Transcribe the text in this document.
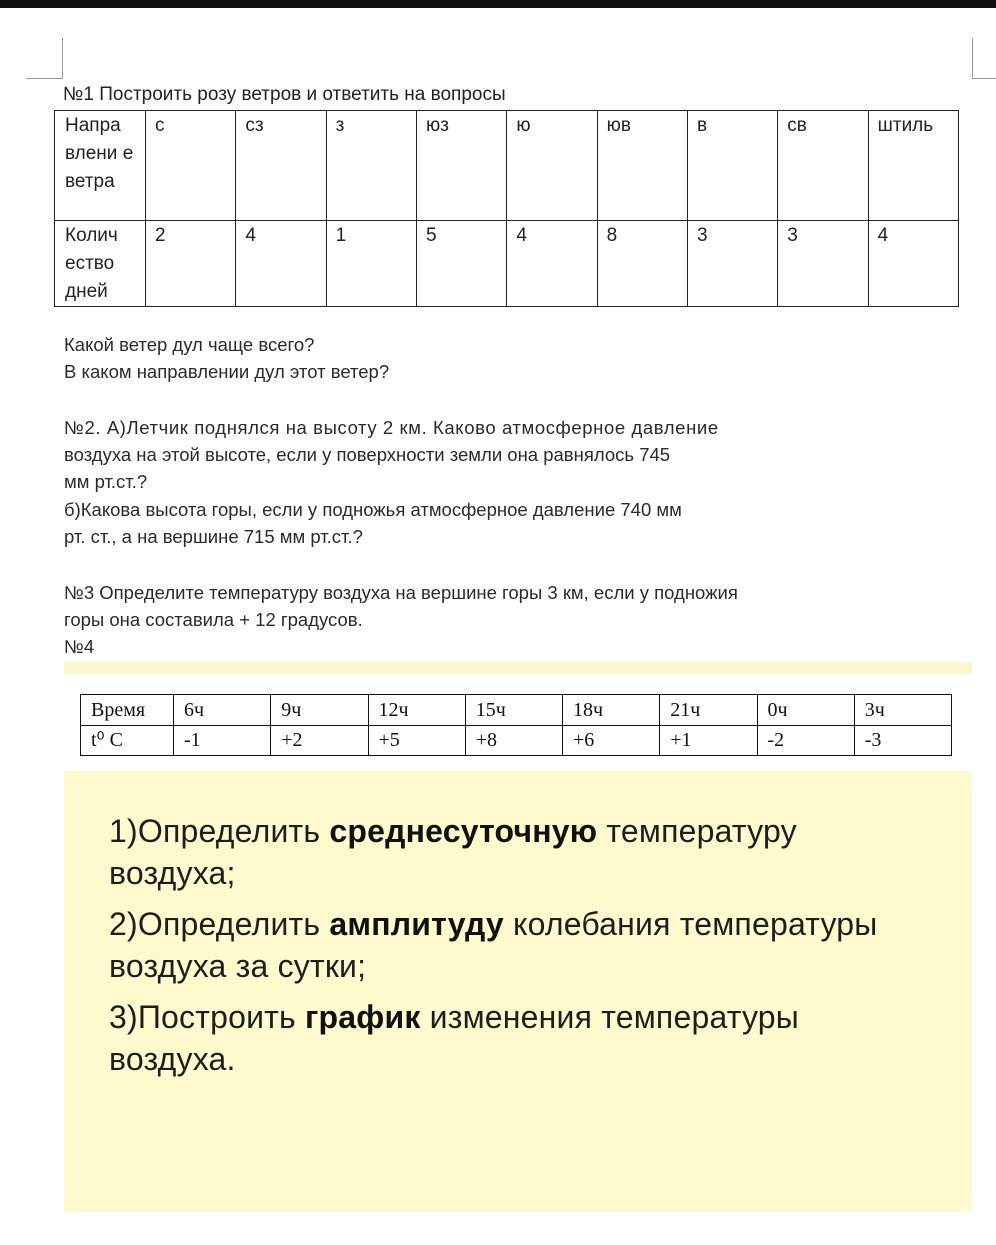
№1 Построить розу ветров и ответить на вопросы
Напра влени е ветра	с	сз	з	юз	ю	юв	в	св	штиль
Колич ество дней	2	4	1	5	4	8	3	3	4
Какой ветер дул чаще всего?
В каком направлении дул этот ветер?
№2. А)Летчик поднялся на высоту 2 км. Каково атмосферное давление
воздуха на этой высоте, если у поверхности земли она равнялось 745
мм рт.ст.?
б)Какова высота горы, если у подножья атмосферное давление 740 мм
рт. ст., а на вершине 715 мм рт.ст.?
№3 Определите температуру воздуха на вершине горы 3 км, если у подножия
горы она составила + 12 градусов.
№4
Время	6ч	9ч	12ч	15ч	18ч	21ч	0ч	3ч
t⁰ С	-1	+2	+5	+8	+6	+1	-2	-3
1)Определить среднесуточную температуру
воздуха;
2)Определить амплитуду колебания температуры
воздуха за сутки;
3)Построить график изменения температуры
воздуха.
